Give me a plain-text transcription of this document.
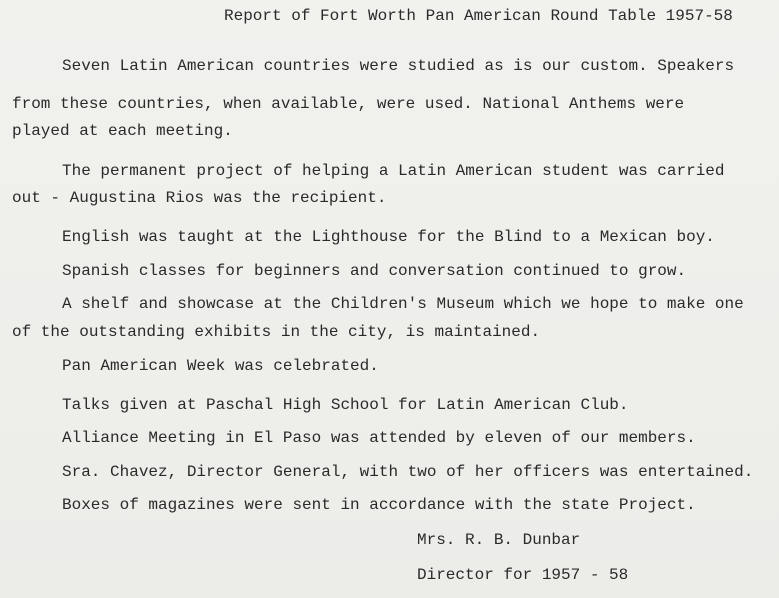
Report of Fort Worth Pan American Round Table 1957-58
Seven Latin American countries were studied as is our custom. Speakers
from these countries, when available, were used. National Anthems were
played at each meeting.
The permanent project of helping a Latin American student was carried
out - Augustina Rios was the recipient.
English was taught at the Lighthouse for the Blind to a Mexican boy.
Spanish classes for beginners and conversation continued to grow.
A shelf and showcase at the Children's Museum which we hope to make one
of the outstanding exhibits in the city, is maintained.
Pan American Week was celebrated.
Talks given at Paschal High School for Latin American Club.
Alliance Meeting in El Paso was attended by eleven of our members.
Sra. Chavez, Director General, with two of her officers was entertained.
Boxes of magazines were sent in accordance with the state Project.
Mrs. R. B. Dunbar
Director for 1957 - 58
